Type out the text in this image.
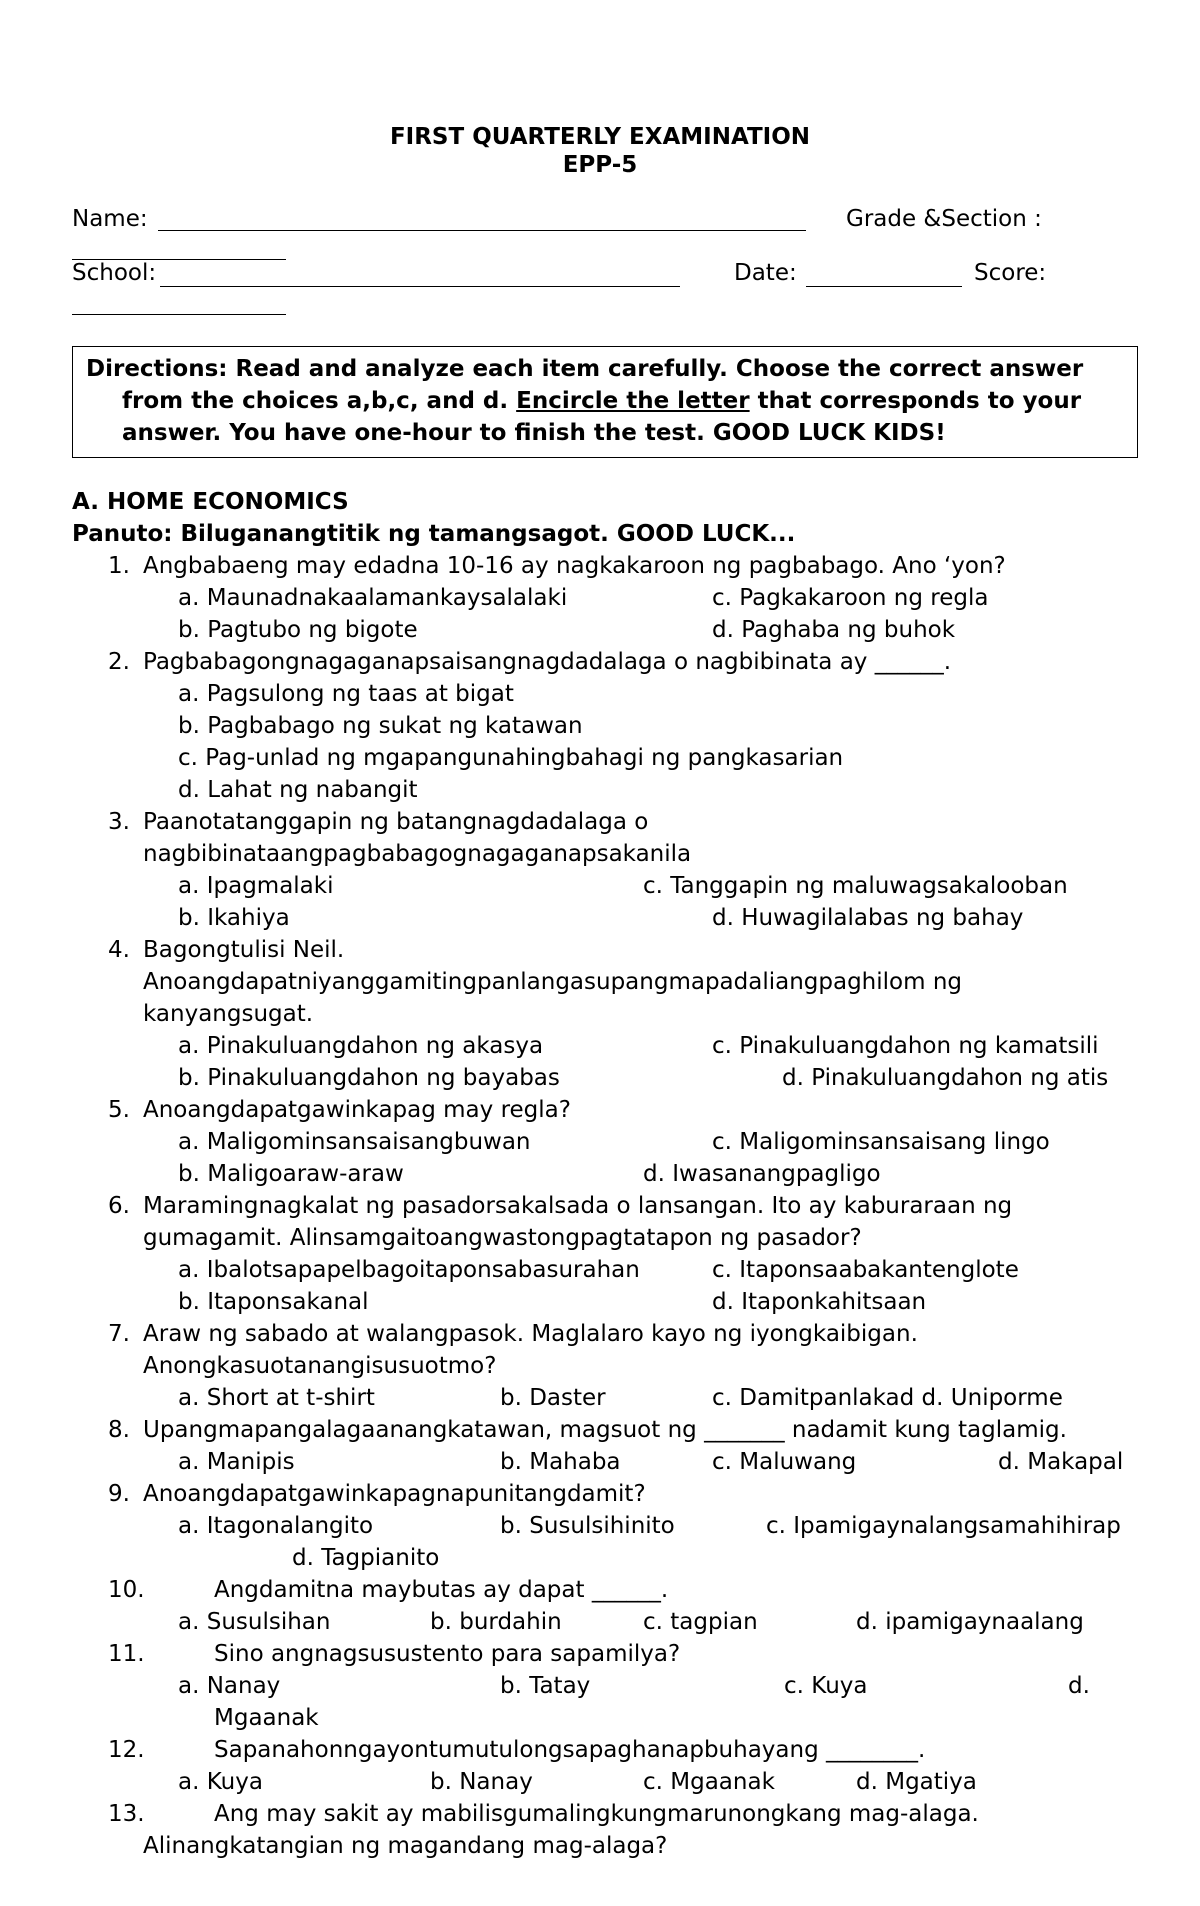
FIRST QUARTERLY EXAMINATION
EPP-5
Name:	Grade &Section :
School:	Date:	Score:
Directions: Read and analyze each item carefully. Choose the correct answer
from the choices a,b,c, and d. Encircle the letter that corresponds to your
answer. You have one-hour to finish the test. GOOD LUCK KIDS!
A. HOME ECONOMICS
Panuto: Biluganangtitik ng tamangsagot. GOOD LUCK...
1. Angbabaeng may edadna 10-16 ay nagkakaroon ng pagbabago. Ano ‘yon?
a. Maunadnakaalamankaysalalaki	c. Pagkakaroon ng regla
b. Pagtubo ng bigote	d. Paghaba ng buhok
2. Pagbabagongnagaganapsaisangnagdadalaga o nagbibinata ay ______.
a. Pagsulong ng taas at bigat
b. Pagbabago ng sukat ng katawan
c. Pag-unlad ng mgapangunahingbahagi ng pangkasarian
d. Lahat ng nabangit
3. Paanotatanggapin ng batangnagdadalaga o
nagbibinataangpagbabagognagaganapsakanila
a. Ipagmalaki	c. Tanggapin ng maluwagsakalooban
b. Ikahiya	d. Huwagilalabas ng bahay
4. Bagongtulisi Neil.
Anoangdapatniyanggamitingpanlangasupangmapadaliangpaghilom ng
kanyangsugat.
a. Pinakuluangdahon ng akasya	c. Pinakuluangdahon ng kamatsili
b. Pinakuluangdahon ng bayabas	d. Pinakuluangdahon ng atis
5. Anoangdapatgawinkapag may regla?
a. Maligominsansaisangbuwan	c. Maligominsansaisang lingo
b. Maligoaraw-araw	d. Iwasanangpagligo
6. Maramingnagkalat ng pasadorsakalsada o lansangan. Ito ay kaburaraan ng
gumagamit. Alinsamgaitoangwastongpagtatapon ng pasador?
a. Ibalotsapapelbagoitaponsabasurahan	c. Itaponsaabakantenglote
b. Itaponsakanal	d. Itaponkahitsaan
7. Araw ng sabado at walangpasok. Maglalaro kayo ng iyongkaibigan.
Anongkasuotanangisusuotmo?
a. Short at t-shirt	b. Daster	c. Damitpanlakad d. Uniporme
8. Upangmapangalagaanangkatawan, magsuot ng _______ nadamit kung taglamig.
a. Manipis	b. Mahaba	c. Maluwang	d. Makapal
9. Anoangdapatgawinkapagnapunitangdamit?
a. Itagonalangito	b. Susulsihinito	c. Ipamigaynalangsamahihirap
d. Tagpianito
10.	Angdamitna maybutas ay dapat ______.
a. Susulsihan	b. burdahin	c. tagpian	d. ipamigaynaalang
11.	Sino angnagsusustento para sapamilya?
a. Nanay	b. Tatay	c. Kuya	d.
Mgaanak
12.	Sapanahonngayontumutulongsapaghanapbuhayang ________.
a. Kuya	b. Nanay	c. Mgaanak	d. Mgatiya
13.	Ang may sakit ay mabilisgumalingkungmarunongkang mag-alaga.
Alinangkatangian ng magandang mag-alaga?
